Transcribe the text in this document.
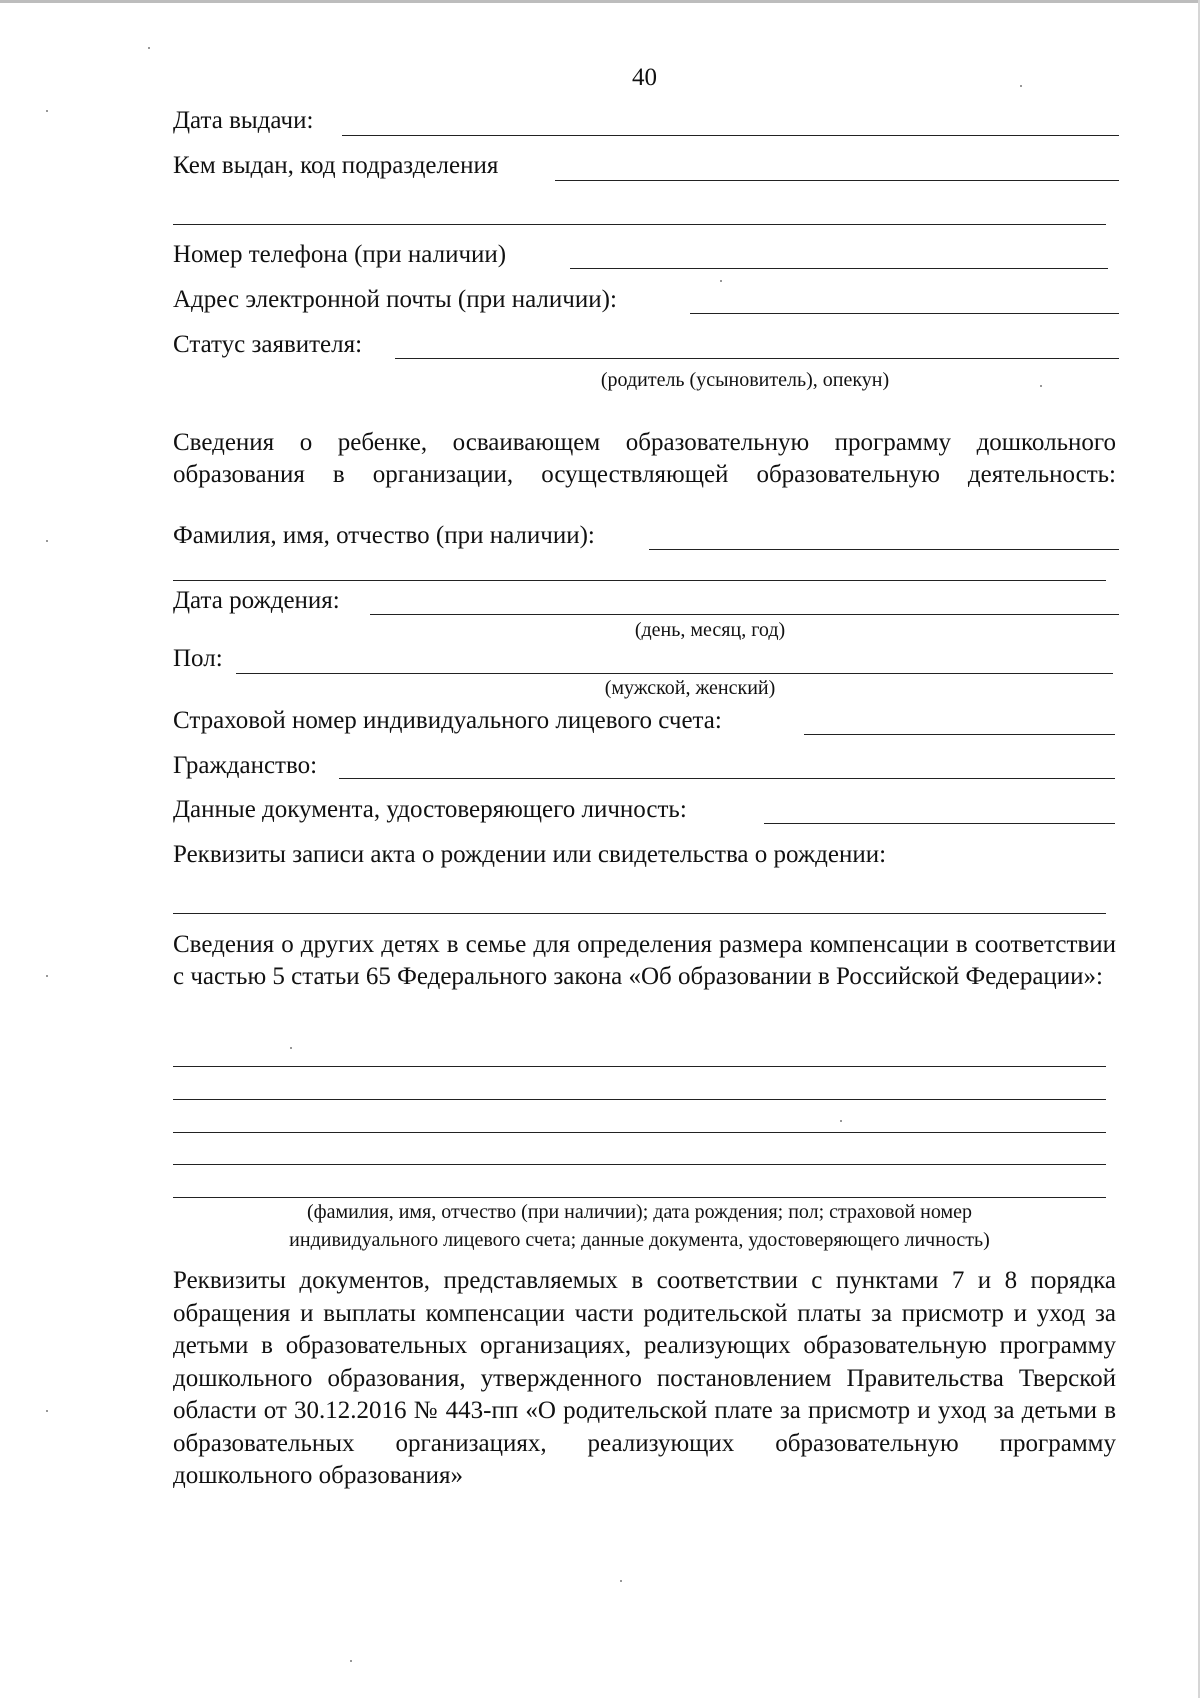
40
Дата выдачи:
Кем выдан, код подразделения
Номер телефона (при наличии)
Адрес электронной почты (при наличии):
Статус заявителя:
(родитель (усыновитель), опекун)
Сведения о ребенке, осваивающем образовательную программу дошкольного образования в организации, осуществляющей образовательную деятельность:
Фамилия, имя, отчество (при наличии):
Дата рождения:
(день, месяц, год)
Пол:
(мужской, женский)
Страховой номер индивидуального лицевого счета:
Гражданство:
Данные документа, удостоверяющего личность:
Реквизиты записи акта о рождении или свидетельства о рождении:
Сведения о других детях в семье для определения размера компенсации в соответствии с частью 5 статьи 65 Федерального закона «Об образовании в Российской Федерации»:
(фамилия, имя, отчество (при наличии); дата рождения; пол; страховой номер
индивидуального лицевого счета; данные документа, удостоверяющего личность)
Реквизиты документов, представляемых в соответствии с пунктами 7 и 8 порядка обращения и выплаты компенсации части родительской платы за присмотр и уход за детьми в образовательных организациях, реализующих образовательную программу дошкольного образования, утвержденного постановлением Правительства Тверской области от 30.12.2016 № 443-пп «О родительской плате за присмотр и уход за детьми в образовательных организациях, реализующих образовательную программу дошкольного образования»
